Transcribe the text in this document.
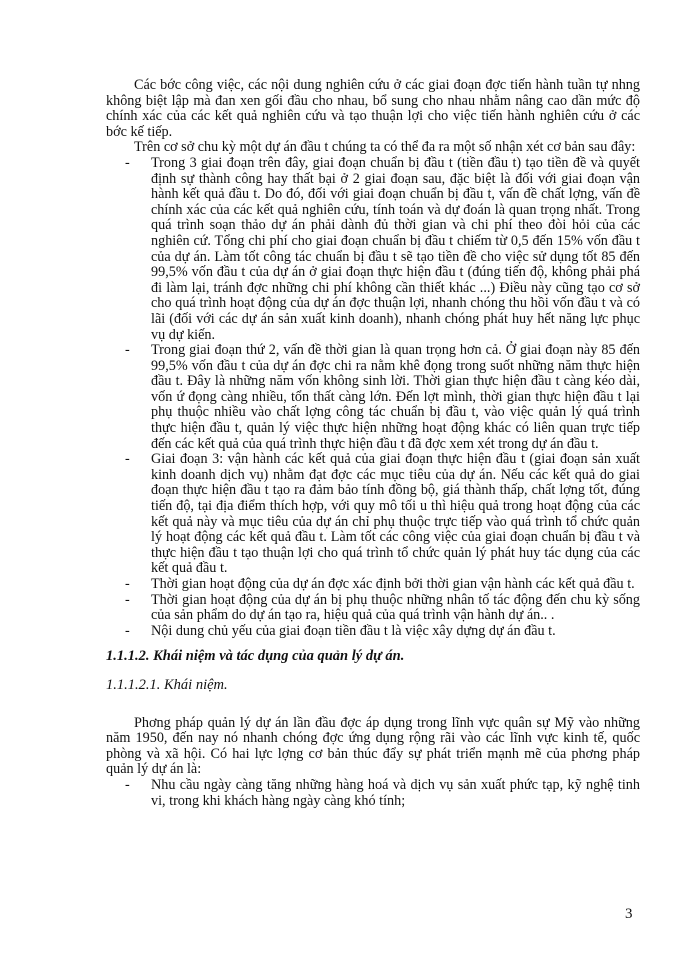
Các bớc công việc, các nội dung nghiên cứu ở các giai đoạn đợc tiến hành tuần tự nhng không biệt lập mà đan xen gối đầu cho nhau, bổ sung cho nhau nhằm nâng cao dần mức độ chính xác của các kết quả nghiên cứu và tạo thuận lợi cho việc tiến hành nghiên cứu ở các bớc kế tiếp.

Trên cơ sở chu kỳ một dự án đầu t chúng ta có thể đa ra một số nhận xét cơ bản sau đây:

- Trong 3 giai đoạn trên đây, giai đoạn chuẩn bị đầu t (tiền đầu t) tạo tiền đề và quyết định sự thành công hay thất bại ở 2 giai đoạn sau, đặc biệt là đối với giai đoạn vận hành kết quả đầu t. Do đó, đối với giai đoạn chuẩn bị đầu t, vấn đề chất lợng, vấn đề chính xác của các kết quả nghiên cứu, tính toán và dự đoán là quan trọng nhất. Trong quá trình soạn thảo dự án phải dành đủ thời gian và chi phí theo đòi hỏi của các nghiên cứ. Tổng chi phí cho giai đoạn chuẩn bị đầu t chiếm từ 0,5 đến 15% vốn đầu t của dự án. Làm tốt công tác chuẩn bị đầu t sẽ tạo tiền đề cho việc sử dụng tốt 85 đến 99,5% vốn đầu t của dự án ở giai đoạn thực hiện đầu t (đúng tiến độ, không phải phá đi làm lại, tránh đợc những chi phí không cần thiết khác ...) Điều này cũng tạo cơ sở cho quá trình hoạt động của dự án đợc thuận lợi, nhanh chóng thu hồi vốn đầu t và có lãi (đối với các dự án sản xuất kinh doanh), nhanh chóng phát huy hết năng lực phục vụ dự kiến.
- Trong giai đoạn thứ 2, vấn đề thời gian là quan trọng hơn cả. Ở giai đoạn này 85 đến 99,5% vốn đầu t của dự án đợc chi ra nằm khê đọng trong suốt những năm thực hiện đầu t. Đây là những năm vốn không sinh lời. Thời gian thực hiện đầu t càng kéo dài, vốn ứ đọng càng nhiều, tổn thất càng lớn. Đến lợt mình, thời gian thực hiện đầu t lại phụ thuộc nhiều vào chất lợng công tác chuẩn bị đầu t, vào việc quản lý quá trình thực hiện đầu t, quản lý việc thực hiện những hoạt động khác có liên quan trực tiếp đến các kết quả của quá trình thực hiện đầu t đã đợc xem xét trong dự án đầu t.
- Giai đoạn 3: vận hành các kết quả của giai đoạn thực hiện đầu t (giai đoạn sản xuất kinh doanh dịch vụ) nhằm đạt đợc các mục tiêu của dự án. Nếu các kết quả do giai đoạn thực hiện đầu t tạo ra đảm bảo tính đồng bộ, giá thành thấp, chất lợng tốt, đúng tiến độ, tại địa điểm thích hợp, với quy mô tối u thì hiệu quả trong hoạt động của các kết quả này và mục tiêu của dự án chỉ phụ thuộc trực tiếp vào quá trình tổ chức quản lý hoạt động các kết quả đầu t. Làm tốt các công việc của giai đoạn chuẩn bị đầu t và thực hiện đầu t tạo thuận lợi cho quá trình tổ chức quản lý phát huy tác dụng của các kết quả đầu t.
- Thời gian hoạt động của dự án đợc xác định bởi thời gian vận hành các kết quả đầu t.
- Thời gian hoạt động của dự án bị phụ thuộc những nhân tố tác động đến chu kỳ sống của sản phẩm do dự án tạo ra, hiệu quả của quá trình vận hành dự án.. .
- Nội dung chủ yếu của giai đoạn tiền đầu t là việc xây dựng dự án đầu t.
1.1.1.2. Khái niệm và tác dụng của quản lý dự án.
1.1.1.2.1. Khái niệm.

Phơng pháp quản lý dự án lần đầu đợc áp dụng trong lĩnh vực quân sự Mỹ vào những năm 1950, đến nay nó nhanh chóng đợc ứng dụng rộng rãi vào các lĩnh vực kinh tế, quốc phòng và xã hội. Có hai lực lợng cơ bản thúc đẩy sự phát triển mạnh mẽ của phơng pháp quản lý dự án là:

- Nhu cầu ngày càng tăng những hàng hoá và dịch vụ sản xuất phức tạp, kỹ nghệ tinh vi, trong khi khách hàng ngày càng khó tính;
3
